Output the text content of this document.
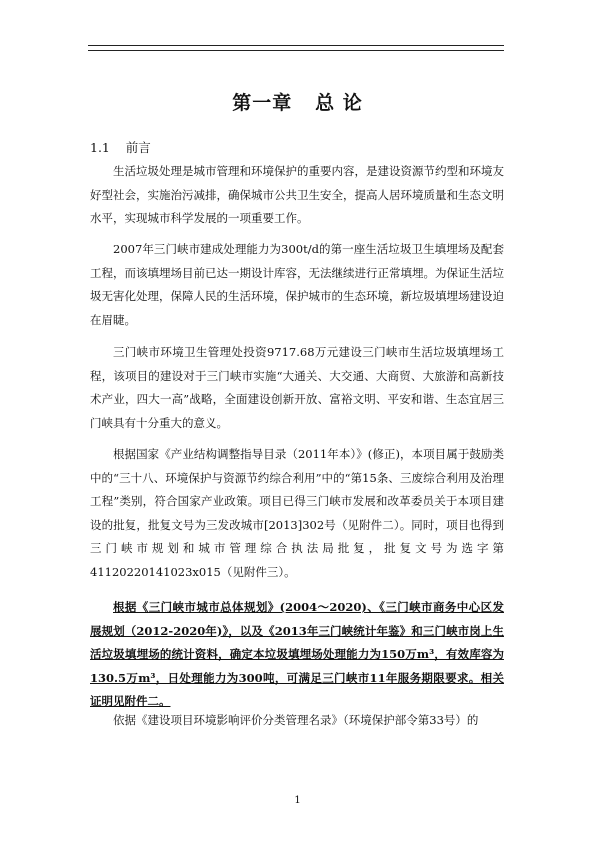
第一章   总 论
1.1    前言

生活垃圾处理是城市管理和环境保护的重要内容，是建设资源节约型和环境友好型社会，实施治污减排，确保城市公共卫生安全，提高人居环境质量和生态文明水平，实现城市科学发展的一项重要工作。

2007年三门峡市建成处理能力为300t/d的第一座生活垃圾卫生填埋场及配套工程，而该填埋场目前已达一期设计库容，无法继续进行正常填埋。为保证生活垃圾无害化处理，保障人民的生活环境，保护城市的生态环境，新垃圾填埋场建设迫在眉睫。

三门峡市环境卫生管理处投资9717.68万元建设三门峡市生活垃圾填埋场工程，该项目的建设对于三门峡市实施“大通关、大交通、大商贸、大旅游和高新技术产业，四大一高”战略，全面建设创新开放、富裕文明、平安和谐、生态宜居三门峡具有十分重大的意义。

根据国家《产业结构调整指导目录（2011年本）》(修正)，本项目属于鼓励类中的“三十八、环境保护与资源节约综合利用”中的“第15条、三废综合利用及治理工程”类别，符合国家产业政策。项目已得三门峡市发展和改革委员关于本项目建设的批复，批复文号为三发改城市[2013]302号（见附件二）。同时，项目也得到三门峡市规划和城市管理综合执法局批复，批复文号为选字第41120220141023x015（见附件三）。

根据《三门峡市城市总体规划》(2004～2020)、《三门峡市商务中心区发展规划（2012-2020年)》，以及《2013年三门峡统计年鉴》和三门峡市岗上生活垃圾填埋场的统计资料，确定本垃圾填埋场处理能力为150万m³，有效库容为130.5万m³，日处理能力为300吨，可满足三门峡市11年服务期限要求。相关证明见附件二。

依据《建设项目环境影响评价分类管理名录》（环境保护部令第33号）的

1
